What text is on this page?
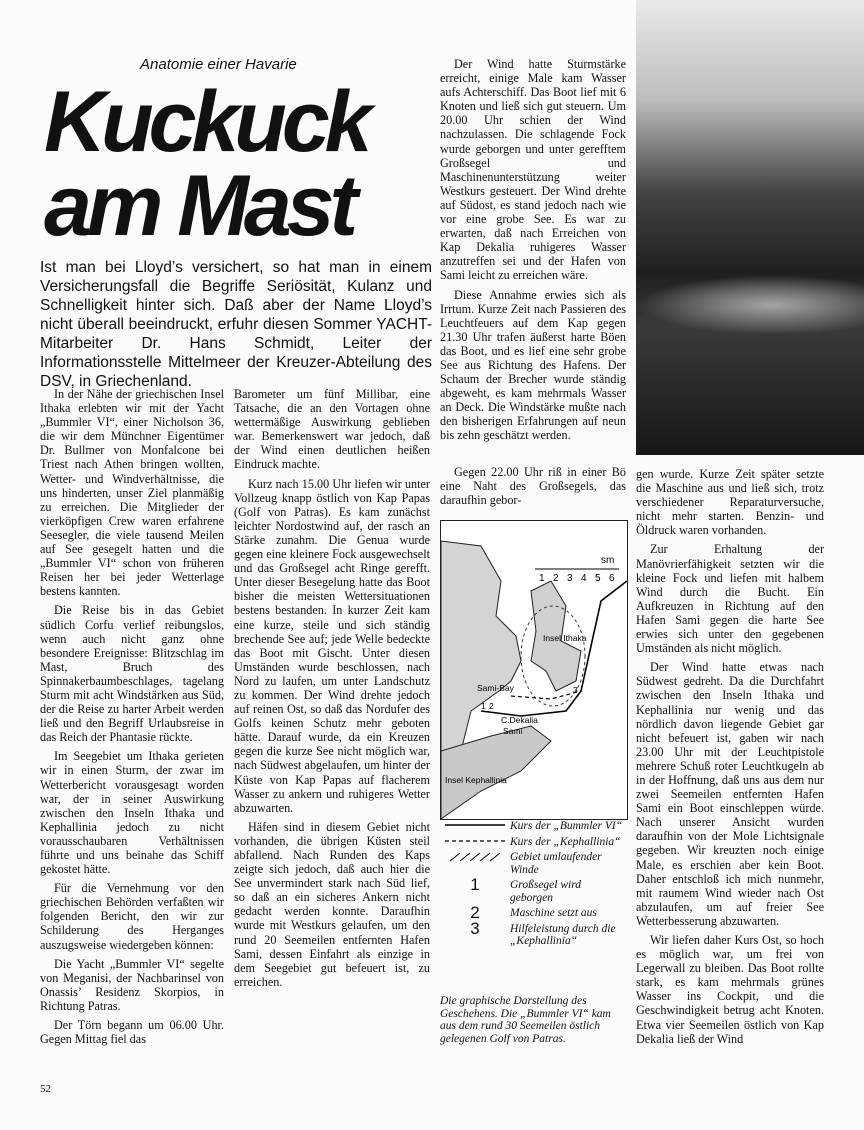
Anatomie einer Havarie
Kuckuck
am Mast
Ist man bei Lloyd’s versichert, so hat man in einem Versicherungsfall die Begriffe Seriösität, Kulanz und Schnelligkeit hinter sich. Daß aber der Name Lloyd’s nicht überall beeindruckt, erfuhr diesen Sommer YACHT-Mitarbeiter Dr. Hans Schmidt, Leiter der Informationsstelle Mittelmeer der Kreuzer-Abteilung des DSV, in Griechenland.

In der Nähe der griechischen Insel Ithaka erlebten wir mit der Yacht „Bummler VI“, einer Nicholson 36, die wir dem Münchner Eigentümer Dr. Bullmer von Monfalcone bei Triest nach Athen bringen wollten, Wetter- und Windverhältnisse, die uns hinderten, unser Ziel planmäßig zu erreichen. Die Mitglieder der vierköpfigen Crew waren erfahrene Seesegler, die viele tausend Meilen auf See gesegelt hatten und die „Bummler VI“ schon von früheren Reisen her bei jeder Wetterlage bestens kannten.

Die Reise bis in das Gebiet südlich Corfu verlief reibungslos, wenn auch nicht ganz ohne besondere Ereignisse: Blitzschlag im Mast, Bruch des Spinnakerbaumbeschlages, tagelang Sturm mit acht Windstärken aus Süd, der die Reise zu harter Arbeit werden ließ und den Begriff Urlaubsreise in das Reich der Phantasie rückte.

Im Seegebiet um Ithaka gerieten wir in einen Sturm, der zwar im Wetterbericht vorausgesagt worden war, der in seiner Auswirkung zwischen den Inseln Ithaka und Kephallinia jedoch zu nicht vorausschaubaren Verhältnissen führte und uns beinahe das Schiff gekostet hätte.

Für die Vernehmung vor den griechischen Behörden verfaßten wir folgenden Bericht, den wir zur Schilderung des Herganges auszugsweise wiedergeben können:

Die Yacht „Bummler VI“ segelte von Meganisi, der Nachbarinsel von Onassis’ Residenz Skorpios, in Richtung Patras.

Der Törn begann um 06.00 Uhr. Gegen Mittag fiel das

Barometer um fünf Millibar, eine Tatsache, die an den Vortagen ohne wettermäßige Auswirkung geblieben war. Bemerkenswert war jedoch, daß der Wind einen deutlichen heißen Eindruck machte.

Kurz nach 15.00 Uhr liefen wir unter Vollzeug knapp östlich von Kap Papas (Golf von Patras). Es kam zunächst leichter Nordostwind auf, der rasch an Stärke zunahm. Die Genua wurde gegen eine kleinere Fock ausgewechselt und das Großsegel acht Ringe gerefft. Unter dieser Besegelung hatte das Boot bisher die meisten Wettersituationen bestens bestanden. In kurzer Zeit kam eine kurze, steile und sich ständig brechende See auf; jede Welle bedeckte das Boot mit Gischt. Unter diesen Umständen wurde beschlossen, nach Nord zu laufen, um unter Landschutz zu kommen. Der Wind drehte jedoch auf reinen Ost, so daß das Nordufer des Golfs keinen Schutz mehr geboten hätte. Darauf wurde, da ein Kreuzen gegen die kurze See nicht möglich war, nach Südwest abgelaufen, um hinter der Küste von Kap Papas auf flacherem Wasser zu ankern und ruhigeres Wetter abzuwarten.

Häfen sind in diesem Gebiet nicht vorhanden, die übrigen Küsten steil abfallend. Nach Runden des Kaps zeigte sich jedoch, daß auch hier die See unvermindert stark nach Süd lief, so daß an ein sicheres Ankern nicht gedacht werden konnte. Daraufhin wurde mit Westkurs gelaufen, um den rund 20 Seemeilen entfernten Hafen Sami, dessen Einfahrt als einzige in dem Seegebiet gut befeuert ist, zu erreichen.

Der Wind hatte Sturmstärke erreicht, einige Male kam Wasser aufs Achterschiff. Das Boot lief mit 6 Knoten und ließ sich gut steuern. Um 20.00 Uhr schien der Wind nachzulassen. Die schlagende Fock wurde geborgen und unter gerefftem Großsegel und Maschinenunterstützung weiter Westkurs gesteuert. Der Wind drehte auf Südost, es stand jedoch nach wie vor eine grobe See. Es war zu erwarten, daß nach Erreichen von Kap Dekalia ruhigeres Wasser anzutreffen sei und der Hafen von Sami leicht zu erreichen wäre.

Diese Annahme erwies sich als Irrtum. Kurze Zeit nach Passieren des Leuchtfeuers auf dem Kap gegen 21.30 Uhr trafen äußerst harte Böen das Boot, und es lief eine sehr grobe See aus Richtung des Hafens. Der Schaum der Brecher wurde ständig abgeweht, es kam mehrmals Wasser an Deck. Die Windstärke mußte nach den bisherigen Erfahrungen auf neun bis zehn geschätzt werden.

Gegen 22.00 Uhr riß in einer Bö eine Naht des Großsegels, das daraufhin gebor-

sm
1 2 3 4 5 6
Insel Ithaka
Sami-Bay
C.Dekalia
Sami
Insel Kephallinia
1 2
3
Kurs der „Bummler VI“
Kurs der „Kephallinia“
Gebiet umlaufender Winde
1	Großsegel wird geborgen
2	Maschine setzt aus
3	Hilfeleistung durch die „Kephallinia“
Die graphische Darstellung des Geschehens. Die „Bummler VI“ kam aus dem rund 30 Seemeilen östlich gelegenen Golf von Patras.

gen wurde. Kurze Zeit später setzte die Maschine aus und ließ sich, trotz verschiedener Reparaturversuche, nicht mehr starten. Benzin- und Öldruck waren vorhanden.

Zur Erhaltung der Manövrierfähigkeit setzten wir die kleine Fock und liefen mit halbem Wind durch die Bucht. Ein Aufkreuzen in Richtung auf den Hafen Sami gegen die harte See erwies sich unter den gegebenen Umständen als nicht möglich.

Der Wind hatte etwas nach Südwest gedreht. Da die Durchfahrt zwischen den Inseln Ithaka und Kephallinia nur wenig und das nördlich davon liegende Gebiet gar nicht befeuert ist, gaben wir nach 23.00 Uhr mit der Leuchtpistole mehrere Schuß roter Leuchtkugeln ab in der Hoffnung, daß uns aus dem nur zwei Seemeilen entfernten Hafen Sami ein Boot einschleppen würde. Nach unserer Ansicht wurden daraufhin von der Mole Lichtsignale gegeben. Wir kreuzten noch einige Male, es erschien aber kein Boot. Daher entschloß ich mich nunmehr, mit raumem Wind wieder nach Ost abzulaufen, um auf freier See Wetterbesserung abzuwarten.

Wir liefen daher Kurs Ost, so hoch es möglich war, um frei von Legerwall zu bleiben. Das Boot rollte stark, es kam mehrmals grünes Wasser ins Cockpit, und die Geschwindigkeit betrug acht Knoten. Etwa vier Seemeilen östlich von Kap Dekalia ließ der Wind

52
